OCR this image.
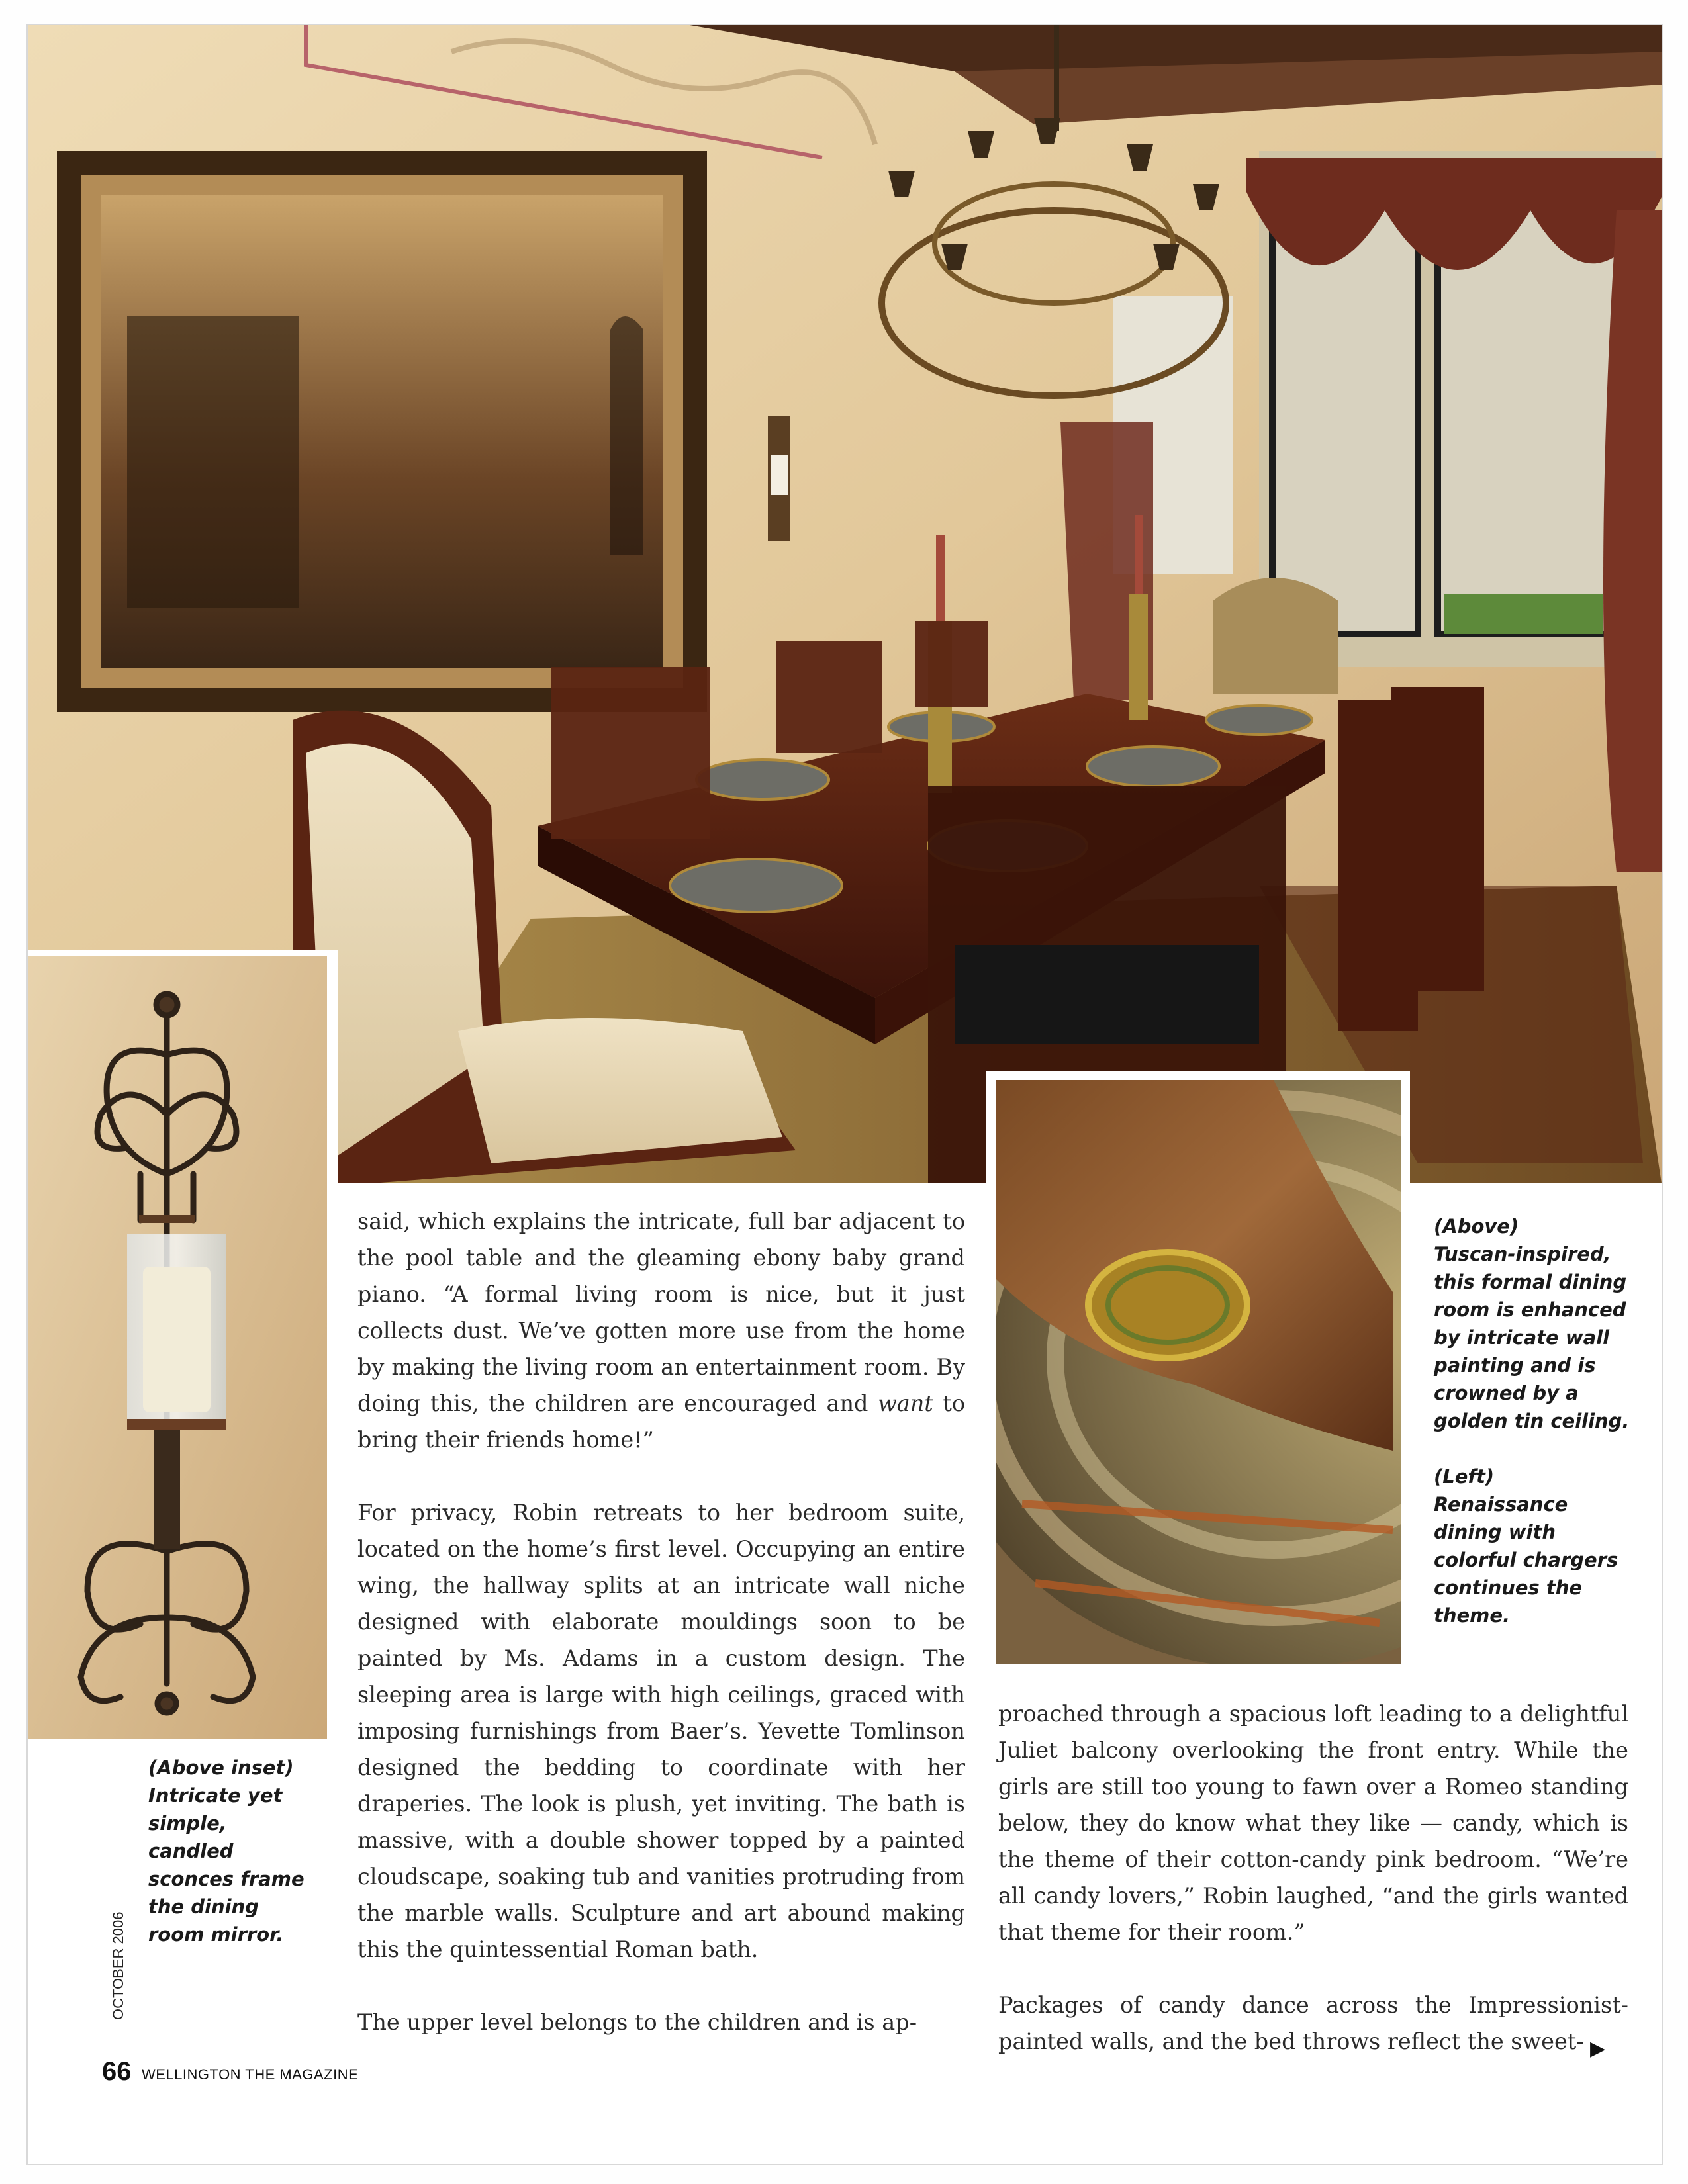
(Above)
Tuscan-inspired, this formal dining room is enhanced by intricate wall painting and is crowned by a golden tin ceiling.
(Left)
Renaissance dining with colorful chargers continues the theme.
(Above inset)
Intricate yet simple, candled sconces frame the dining room mirror.

said, which explains the intricate, full bar adjacent to the pool table and the gleaming ebony baby grand piano. “A formal living room is nice, but it just collects dust. We’ve gotten more use from the home by making the living room an entertainment room. By doing this, the children are encouraged and want to bring their friends home!”

For privacy, Robin retreats to her bedroom suite, located on the home’s first level. Occupying an entire wing, the hallway splits at an intricate wall niche designed with elaborate mouldings soon to be painted by Ms. Adams in a custom design. The sleeping area is large with high ceilings, graced with imposing furnishings from Baer’s. Yevette Tomlinson designed the bedding to coordinate with her draperies. The look is plush, yet inviting. The bath is massive, with a double shower topped by a painted cloudscape, soaking tub and vanities protruding from the marble walls. Sculpture and art abound making this the quintessential Roman bath.

The upper level belongs to the children and is ap-

proached through a spacious loft leading to a delightful Juliet balcony overlooking the front entry. While the girls are still too young to fawn over a Romeo standing below, they do know what they like — candy, which is the theme of their cotton-candy pink bedroom. “We’re all candy lovers,” Robin laughed, “and the girls wanted that theme for their room.”

Packages of candy dance across the Impressionist-painted walls, and the bed throws reflect the sweet- ▶
OCTOBER 2006
66 WELLINGTON THE MAGAZINE
